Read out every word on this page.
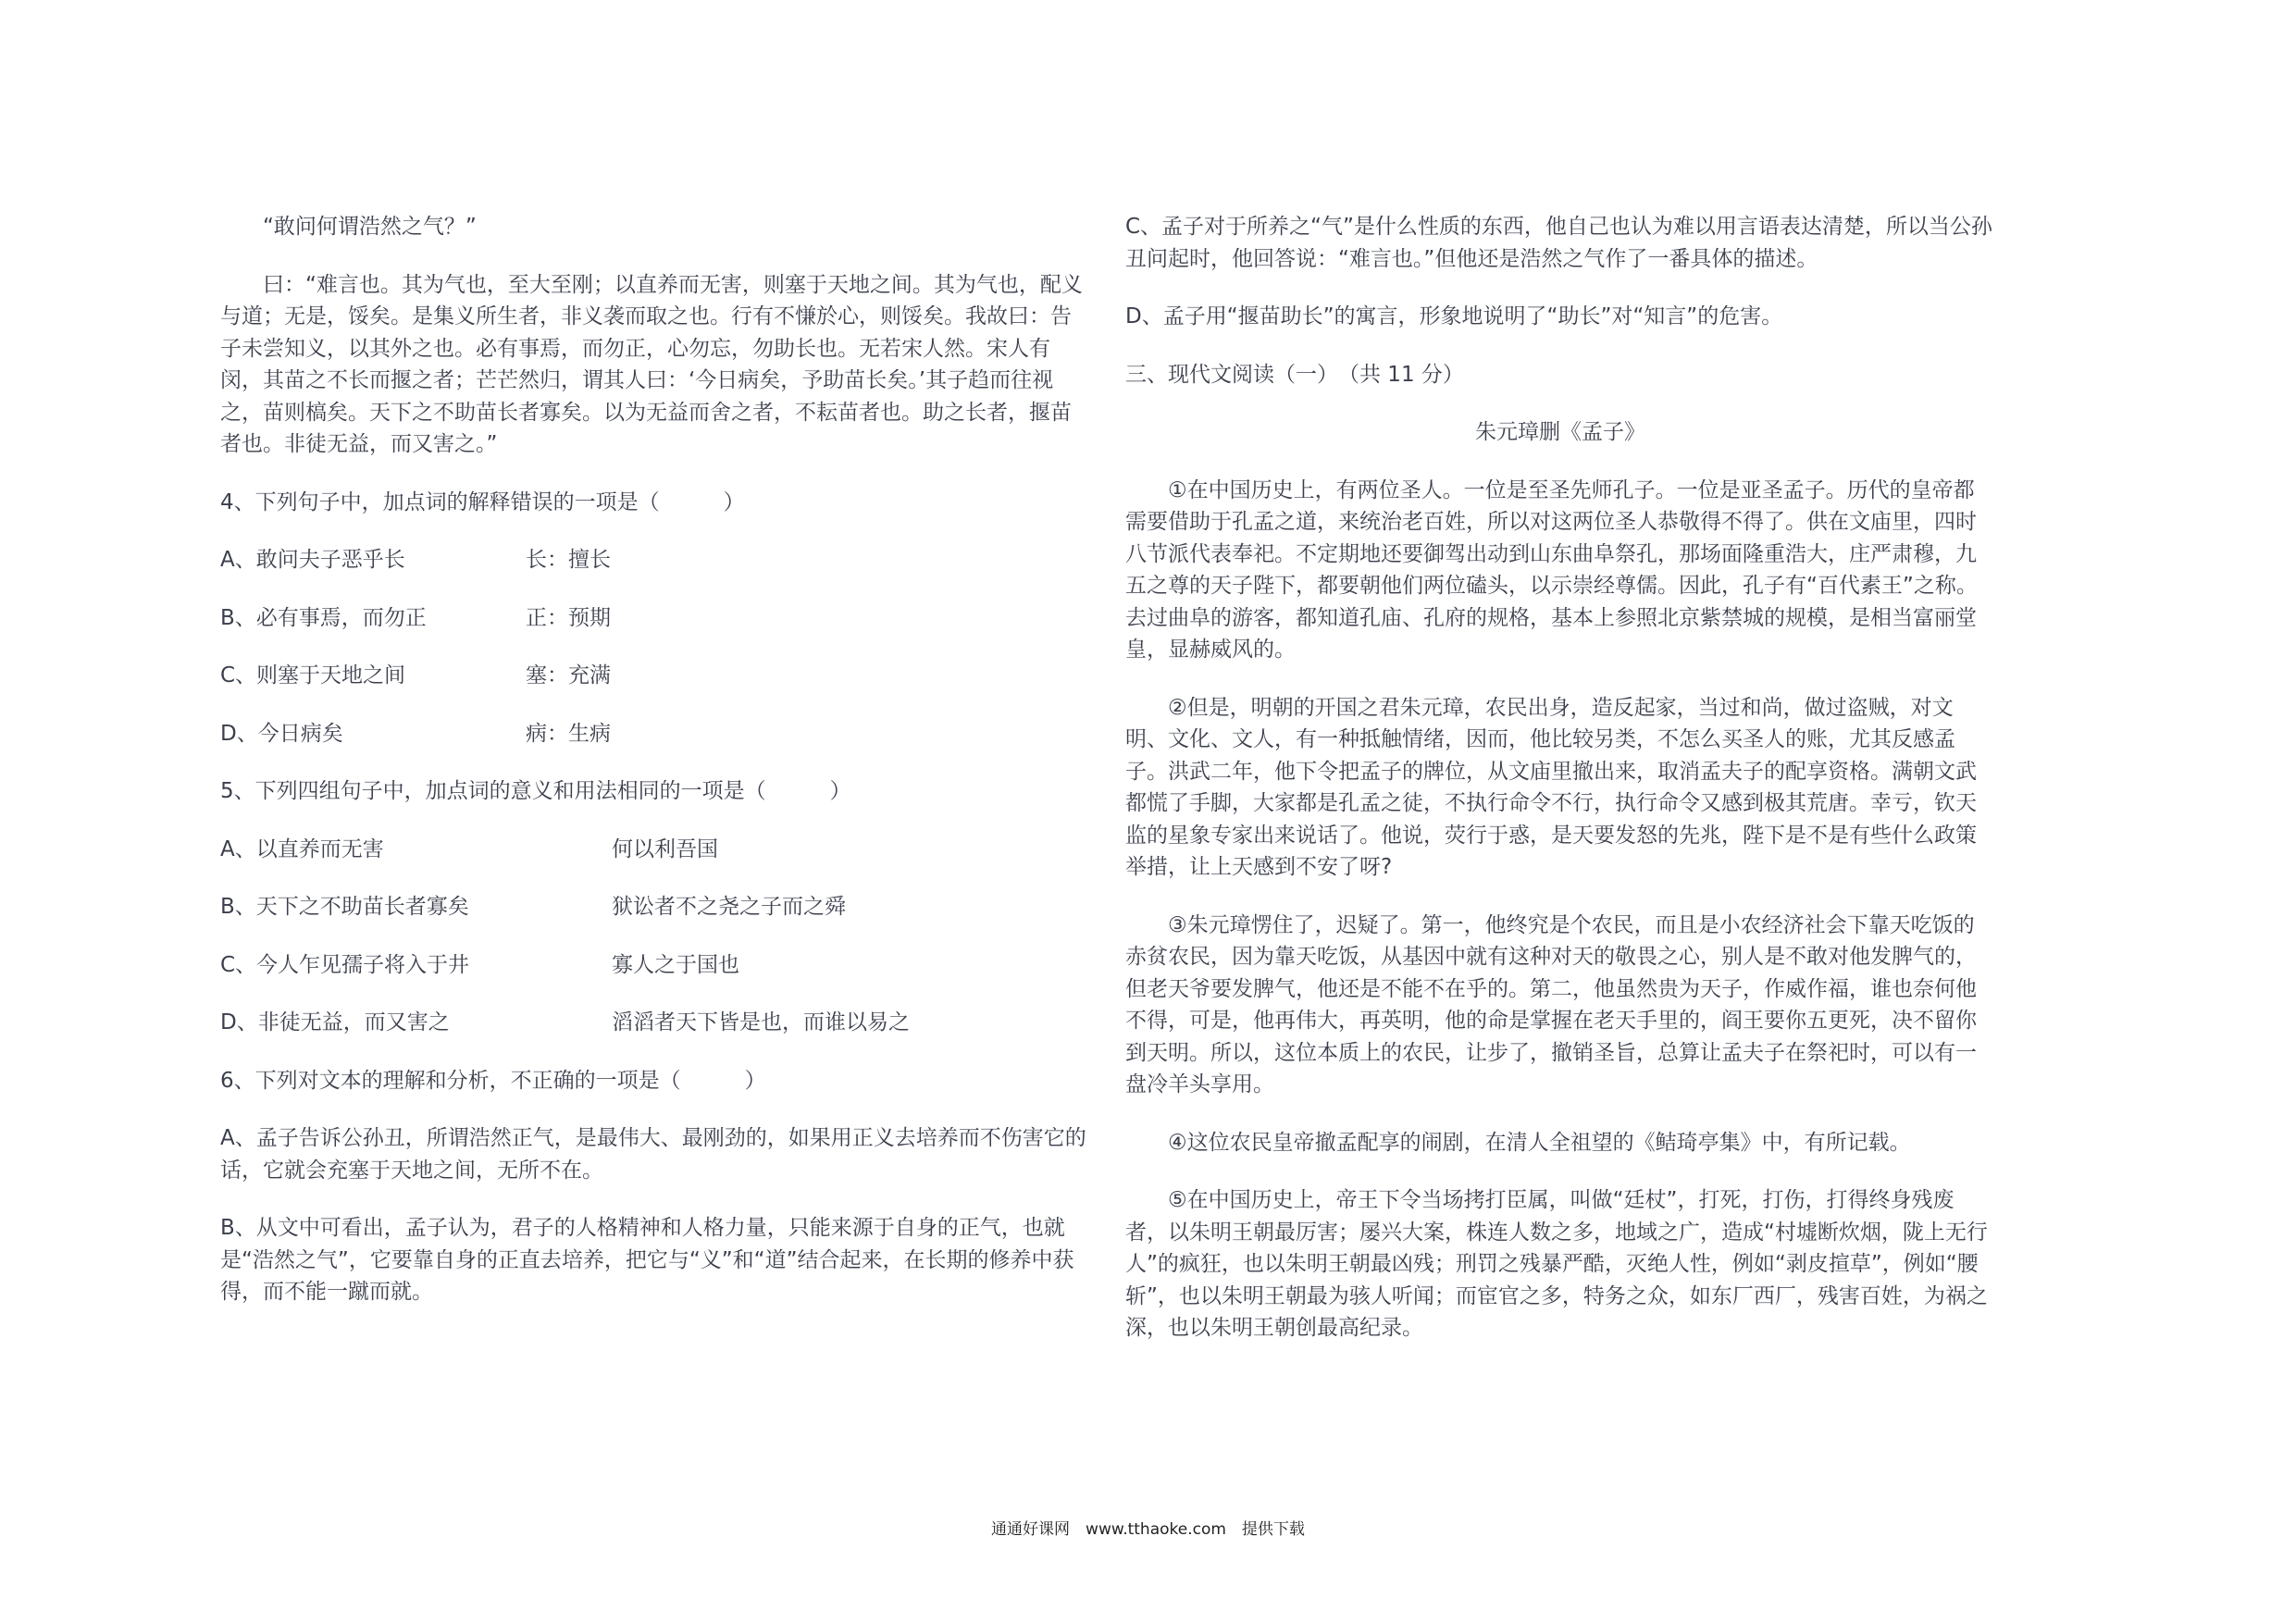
“敢问何谓浩然之气？”

曰：“难言也。其为气也，至大至刚；以直养而无害，则塞于天地之间。其为气也，配义与道；无是，馁矣。是集义所生者，非义袭而取之也。行有不慊於心，则馁矣。我故曰：告子未尝知义，以其外之也。必有事焉，而勿正，心勿忘，勿助长也。无若宋人然。宋人有闵，其苗之不长而揠之者；芒芒然归，谓其人曰：‘今日病矣，予助苗长矣。’其子趋而往视之，苗则槁矣。天下之不助苗长者寡矣。以为无益而舍之者，不耘苗者也。助之长者，揠苗者也。非徒无益，而又害之。”

4、下列句子中，加点词的解释错误的一项是（　　　）

A、敢问夫子恶乎长	长：擅长
B、必有事焉，而勿正	正：预期
C、则塞于天地之间	塞：充满
D、今日病矣	病：生病

5、下列四组句子中，加点词的意义和用法相同的一项是（　　　）

A、以直养而无害	何以利吾国
B、天下之不助苗长者寡矣	狱讼者不之尧之子而之舜
C、今人乍见孺子将入于井	寡人之于国也
D、非徒无益，而又害之	滔滔者天下皆是也，而谁以易之

6、下列对文本的理解和分析，不正确的一项是（　　　）

A、孟子告诉公孙丑，所谓浩然正气，是最伟大、最刚劲的，如果用正义去培养而不伤害它的话，它就会充塞于天地之间，无所不在。

B、从文中可看出，孟子认为，君子的人格精神和人格力量，只能来源于自身的正气，也就是“浩然之气”，它要靠自身的正直去培养，把它与“义”和“道”结合起来，在长期的修养中获得，而不能一蹴而就。

C、孟子对于所养之“气”是什么性质的东西，他自己也认为难以用言语表达清楚，所以当公孙丑问起时，他回答说：“难言也。”但他还是浩然之气作了一番具体的描述。

D、孟子用“揠苗助长”的寓言，形象地说明了“助长”对“知言”的危害。

三、现代文阅读（一）　（共 11 分）

朱元璋删《孟子》

①在中国历史上，有两位圣人。一位是至圣先师孔子。一位是亚圣孟子。历代的皇帝都需要借助于孔孟之道，来统治老百姓，所以对这两位圣人恭敬得不得了。供在文庙里，四时八节派代表奉祀。不定期地还要御驾出动到山东曲阜祭孔，那场面隆重浩大，庄严肃穆，九五之尊的天子陛下，都要朝他们两位磕头，以示崇经尊儒。因此，孔子有“百代素王”之称。去过曲阜的游客，都知道孔庙、孔府的规格，基本上参照北京紫禁城的规模，是相当富丽堂皇，显赫威风的。

②但是，明朝的开国之君朱元璋，农民出身，造反起家，当过和尚，做过盗贼，对文明、文化、文人，有一种抵触情绪，因而，他比较另类，不怎么买圣人的账，尤其反感孟子。洪武二年，他下令把孟子的牌位，从文庙里撤出来，取消孟夫子的配享资格。满朝文武都慌了手脚，大家都是孔孟之徒，不执行命令不行，执行命令又感到极其荒唐。幸亏，钦天监的星象专家出来说话了。他说，荧行于惑，是天要发怒的先兆，陛下是不是有些什么政策举措，让上天感到不安了呀?

③朱元璋愣住了，迟疑了。第一，他终究是个农民，而且是小农经济社会下靠天吃饭的赤贫农民，因为靠天吃饭，从基因中就有这种对天的敬畏之心，别人是不敢对他发脾气的，但老天爷要发脾气，他还是不能不在乎的。第二，他虽然贵为天子，作威作福，谁也奈何他不得，可是，他再伟大，再英明，他的命是掌握在老天手里的，阎王要你五更死，决不留你到天明。所以，这位本质上的农民，让步了，撤销圣旨，总算让孟夫子在祭祀时，可以有一盘冷羊头享用。

④这位农民皇帝撤孟配享的闹剧，在清人全祖望的《鲒琦亭集》中，有所记载。

⑤在中国历史上，帝王下令当场拷打臣属，叫做“廷杖”，打死，打伤，打得终身残废者，以朱明王朝最厉害；屡兴大案，株连人数之多，地域之广，造成“村墟断炊烟，陇上无行人”的疯狂，也以朱明王朝最凶残；刑罚之残暴严酷，灭绝人性，例如“剥皮揎草”，例如“腰斩”，也以朱明王朝最为骇人听闻；而宦官之多，特务之众，如东厂西厂，残害百姓，为祸之深，也以朱明王朝创最高纪录。

通通好课网　www.tthaoke.com　提供下载
